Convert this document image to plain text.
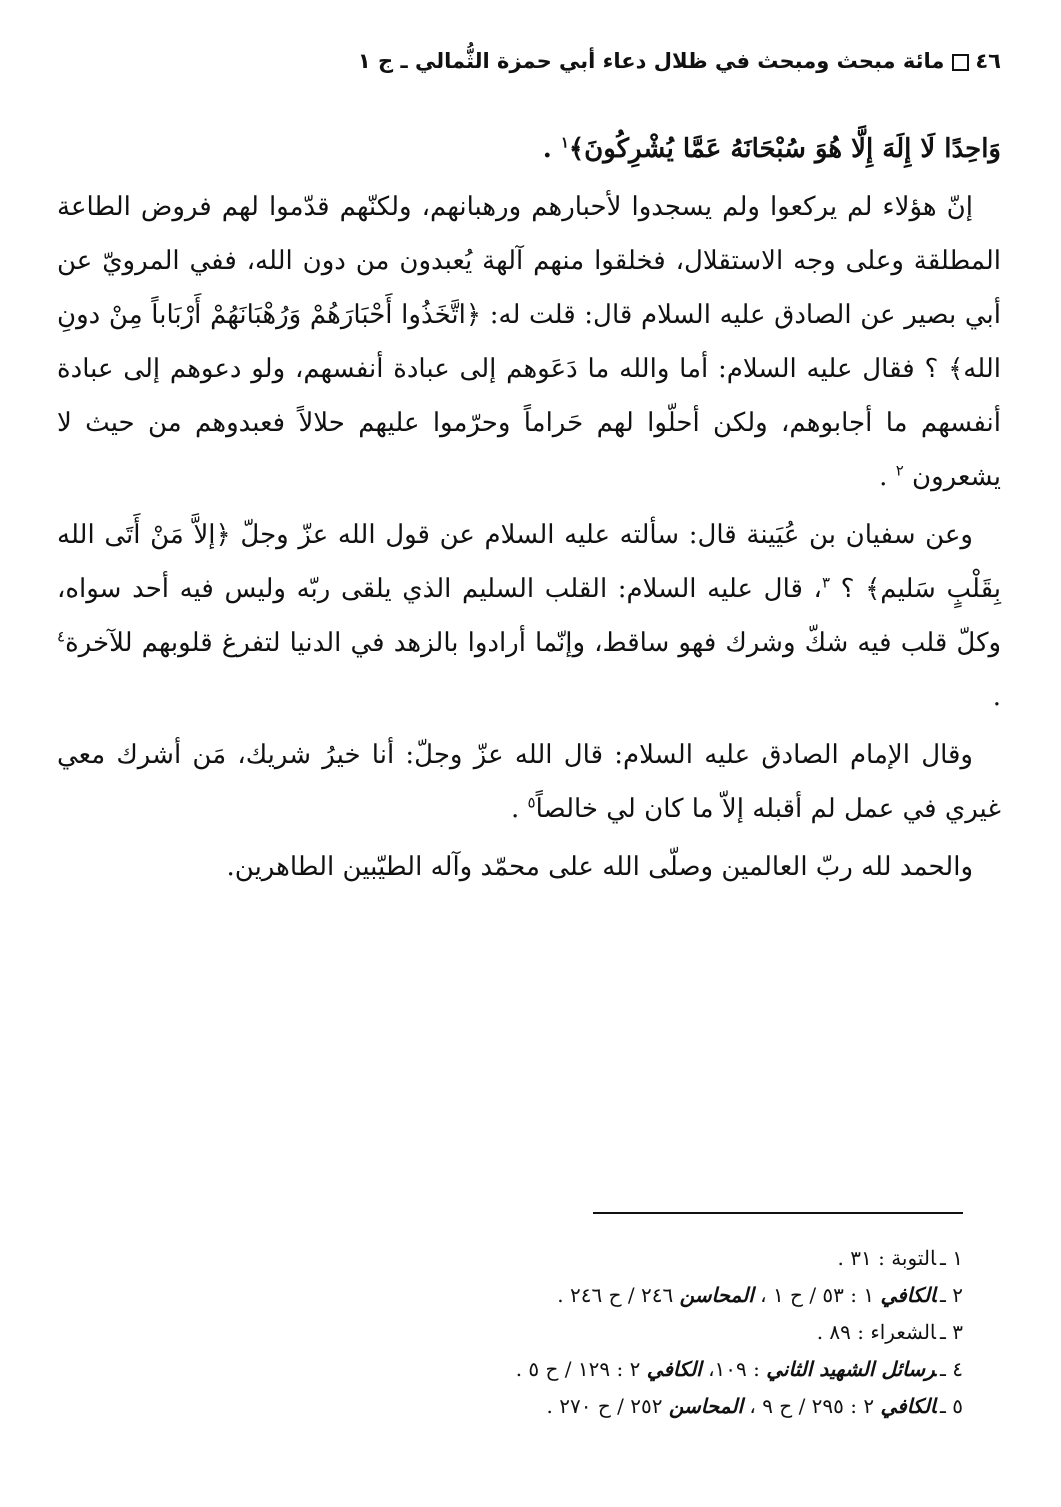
٤٦مائة مبحث ومبحث في ظلال دعاء أبي حمزة الثُّمالي ـ ج ١

وَاحِدًا لَا إِلَهَ إِلَّا هُوَ سُبْحَانَهُ عَمَّا يُشْرِكُونَ﴾$^١$ .

إنّ هؤلاء لم يركعوا ولم يسجدوا لأحبارهم ورهبانهم، ولكنّهم قدّموا لهم فروض الطاعة المطلقة وعلى وجه الاستقلال، فخلقوا منهم آلهة يُعبدون من دون الله، ففي المرويّ عن أبي بصير عن الصادق عليه السلام قال: قلت له: ﴿اتَّخَذُوا أَحْبَارَهُمْ وَرُهْبَانَهُمْ أَرْبَاباً مِنْ دونِ الله﴾ ؟ فقال عليه السلام: أما والله ما دَعَوهم إلى عبادة أنفسهم، ولو دعوهم إلى عبادة أنفسهم ما أجابوهم، ولكن أحلّوا لهم حَراماً وحرّموا عليهم حلالاً فعبدوهم من حيث لا يشعرون $^٢$ .

وعن سفيان بن عُيَينة قال: سألته عليه السلام عن قول الله عزّ وجلّ ﴿إلاَّ مَنْ أَتَى الله بِقَلْبٍ سَليم﴾ ؟ $^٣$، قال عليه السلام: القلب السليم الذي يلقى ربّه وليس فيه أحد سواه، وكلّ قلب فيه شكّ وشرك فهو ساقط، وإنّما أرادوا بالزهد في الدنيا لتفرغ قلوبهم للآخرة$^٤$ .

وقال الإمام الصادق عليه السلام: قال الله عزّ وجلّ: أنا خيرُ شريك، مَن أشرك معي غيري في عمل لم أقبله إلاّ ما كان لي خالصاً$^٥$ .

والحمد لله ربّ العالمين وصلّى الله على محمّد وآله الطيّبين الطاهرين.

١ ـالتوبة : ٣١ .
٢ ـالكافي ١ : ٥٣ / ح ١ ، المحاسن ٢٤٦ / ح ٢٤٦ .
٣ ـالشعراء : ٨٩ .
٤ ـرسائل الشهيد الثاني : ١٠٩، الكافي ٢ : ١٢٩ / ح ٥ .
٥ ـالكافي ٢ : ٢٩٥ / ح ٩ ، المحاسن ٢٥٢ / ح ٢٧٠ .
